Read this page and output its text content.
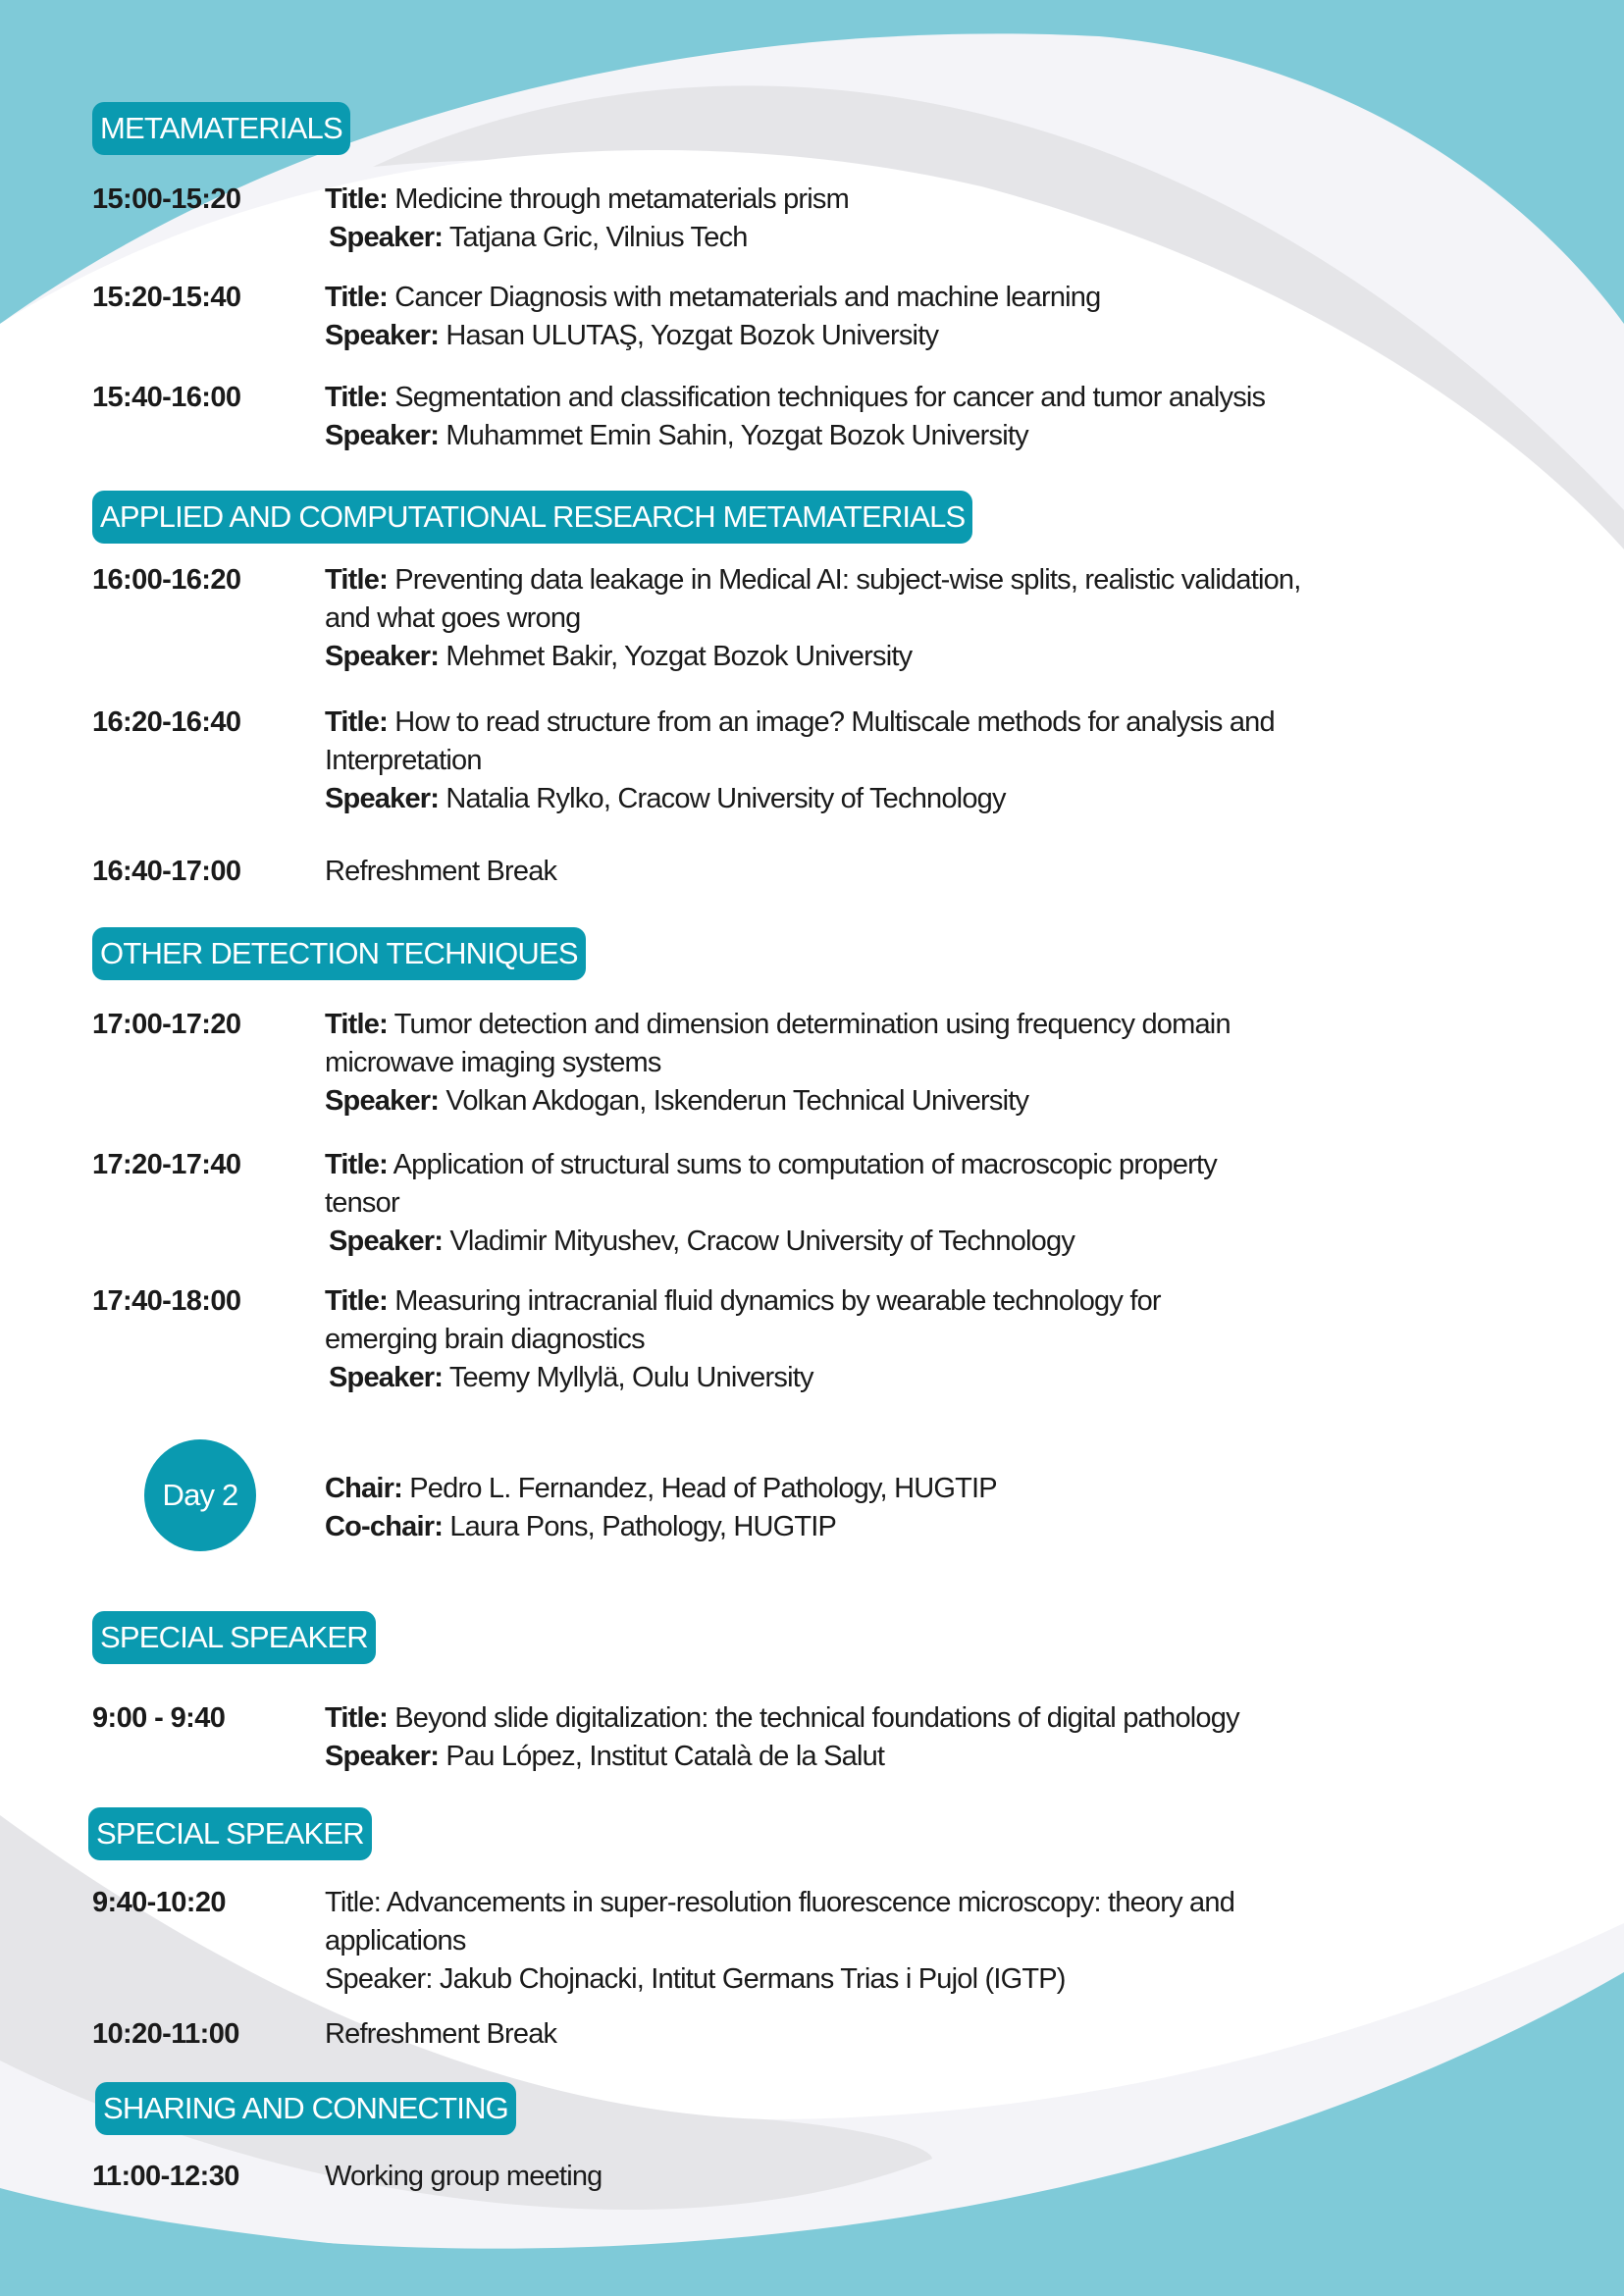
METAMATERIALS
15:00-15:20	Title: Medicine through metamaterials prism
Speaker: Tatjana Gric, Vilnius Tech
15:20-15:40	Title: Cancer Diagnosis with metamaterials and machine learning
Speaker: Hasan ULUTAŞ, Yozgat Bozok University
15:40-16:00	Title: Segmentation and classification techniques for cancer and tumor analysis
Speaker: Muhammet Emin Sahin, Yozgat Bozok University
APPLIED AND COMPUTATIONAL RESEARCH METAMATERIALS
16:00-16:20	Title: Preventing data leakage in Medical AI: subject-wise splits, realistic validation,
and what goes wrong
Speaker: Mehmet Bakir, Yozgat Bozok University
16:20-16:40	Title: How to read structure from an image? Multiscale methods for analysis and
Interpretation
Speaker: Natalia Rylko, Cracow University of Technology
16:40-17:00	Refreshment Break
OTHER DETECTION TECHNIQUES
17:00-17:20	Title: Tumor detection and dimension determination using frequency domain
microwave imaging systems
Speaker: Volkan Akdogan, Iskenderun Technical University
17:20-17:40	Title: Application of structural sums to computation of macroscopic property
tensor
Speaker: Vladimir Mityushev, Cracow University of Technology
17:40-18:00	Title: Measuring intracranial fluid dynamics by wearable technology for
emerging brain diagnostics
Speaker: Teemy Myllylä, Oulu University
Day 2	Chair: Pedro L. Fernandez, Head of Pathology, HUGTIP
Co-chair: Laura Pons, Pathology, HUGTIP
SPECIAL SPEAKER
9:00 - 9:40	Title: Beyond slide digitalization: the technical foundations of digital pathology
Speaker: Pau López, Institut Català de la Salut
SPECIAL SPEAKER
9:40-10:20	Title: Advancements in super-resolution fluorescence microscopy: theory and
applications
Speaker: Jakub Chojnacki, Intitut Germans Trias i Pujol (IGTP)
10:20-11:00	Refreshment Break
SHARING AND CONNECTING
11:00-12:30	Working group meeting
